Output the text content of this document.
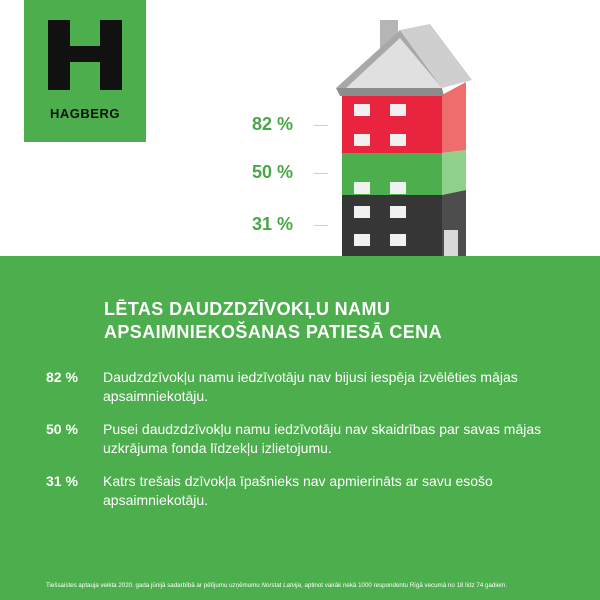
HAGBERG
82 %
50 %
31 %
LĒTAS DAUDZDZĪVOKĻU NAMU
APSAIMNIEKOŠANAS PATIESĀ CENA
82 % Daudzdzīvokļu namu iedzīvotāju nav bijusi iespēja izvēlēties mājas apsaimniekotāju.
50 % Pusei daudzdzīvokļu namu iedzīvotāju nav skaidrības par savas mājas uzkrājuma fonda līdzekļu izlietojumu.
31 % Katrs trešais dzīvokļa īpašnieks nav apmierināts ar savu esošo apsaimniekotāju.
Tiešsaistes aptauja veikta 2020. gada jūnijā sadarbībā ar pētījumu uzņēmumu Norstat Latvija, aptinot vairāk nekā 1000 respondentu Rīgā vecumā no 18 līdz 74 gadiem.
